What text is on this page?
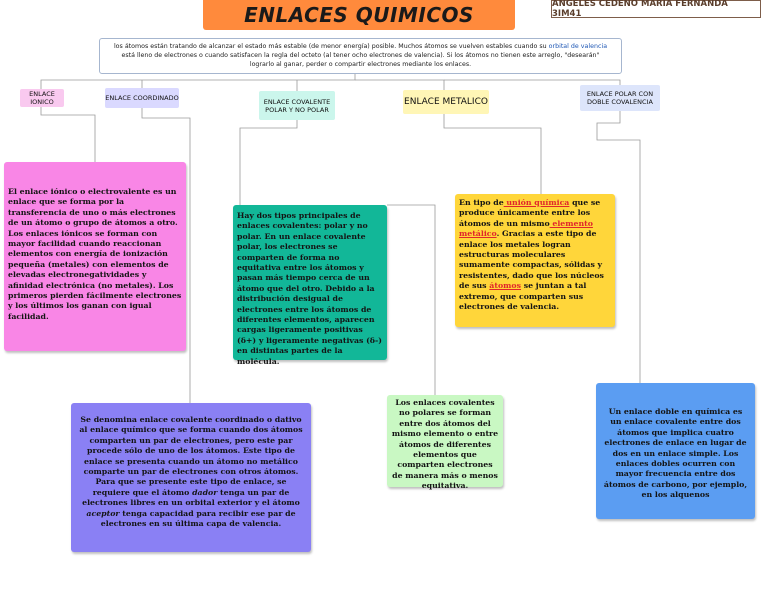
ENLACES QUIMICOS	ANGELES CEDEÑO MARIA FERNANDA 3IM41
los átomos están tratando de alcanzar el estado más estable (de menor energía) posible. Muchos átomos se vuelven estables cuando su orbital de valencia está lleno de electrones o cuando satisfacen la regla del octeto (al tener ocho electrones de valencia). Si los átomos no tienen este arreglo, "desearán" lograrlo al ganar, perder o compartir electrones mediante los enlaces.
ENLACE IONICO	ENLACE COORDINADO	ENLACE COVALENTE POLAR Y NO POLAR
ENLACE METALICO
ENLACE POLAR CON DOBLE COVALENCIA
El enlace iónico o electrovalente es un enlace que se forma por la transferencia de uno o más electrones de un átomo o grupo de átomos a otro. Los enlaces iónicos se forman con mayor facilidad cuando reaccionan elementos con energía de ionización pequeña (metales) con elementos de elevadas electronegatividades y afinidad electrónica (no metales). Los primeros pierden fácilmente electrones y los últimos los ganan con igual facilidad.
Hay dos tipos principales de enlaces covalentes: polar y no polar. En un enlace covalente polar, los electrones se comparten de forma no equitativa entre los átomos y pasan más tiempo cerca de un átomo que del otro. Debido a la distribución desigual de electrones entre los átomos de diferentes elementos, aparecen cargas ligeramente positivas (δ+) y ligeramente negativas (δ-) en distintas partes de la molécula.
En tipo de unión química que se produce únicamente entre los átomos de un mismo elemento metálico. Gracias a este tipo de enlace los metales logran estructuras moleculares sumamente compactas, sólidas y resistentes, dado que los núcleos de sus átomos se juntan a tal extremo, que comparten sus electrones de valencia.
Se denomina enlace covalente coordinado o dativo al enlace químico que se forma cuando dos átomos comparten un par de electrones, pero este par procede sólo de uno de los átomos. Este tipo de enlace se presenta cuando un átomo no metálico comparte un par de electrones con otros átomos. Para que se presente este tipo de enlace, se requiere que el átomo dador tenga un par de electrones libres en un orbital exterior y el átomo aceptor tenga capacidad para recibir ese par de electrones en su última capa de valencia.
Los enlaces covalentes no polares se forman entre dos átomos del mismo elemento o entre átomos de diferentes elementos que comparten electrones de manera más o menos equitativa.
Un enlace doble en química es un enlace covalente entre dos átomos que implica cuatro electrones de enlace en lugar de dos en un enlace simple. Los enlaces dobles ocurren con mayor frecuencia entre dos átomos de carbono, por ejemplo, en los alquenos
